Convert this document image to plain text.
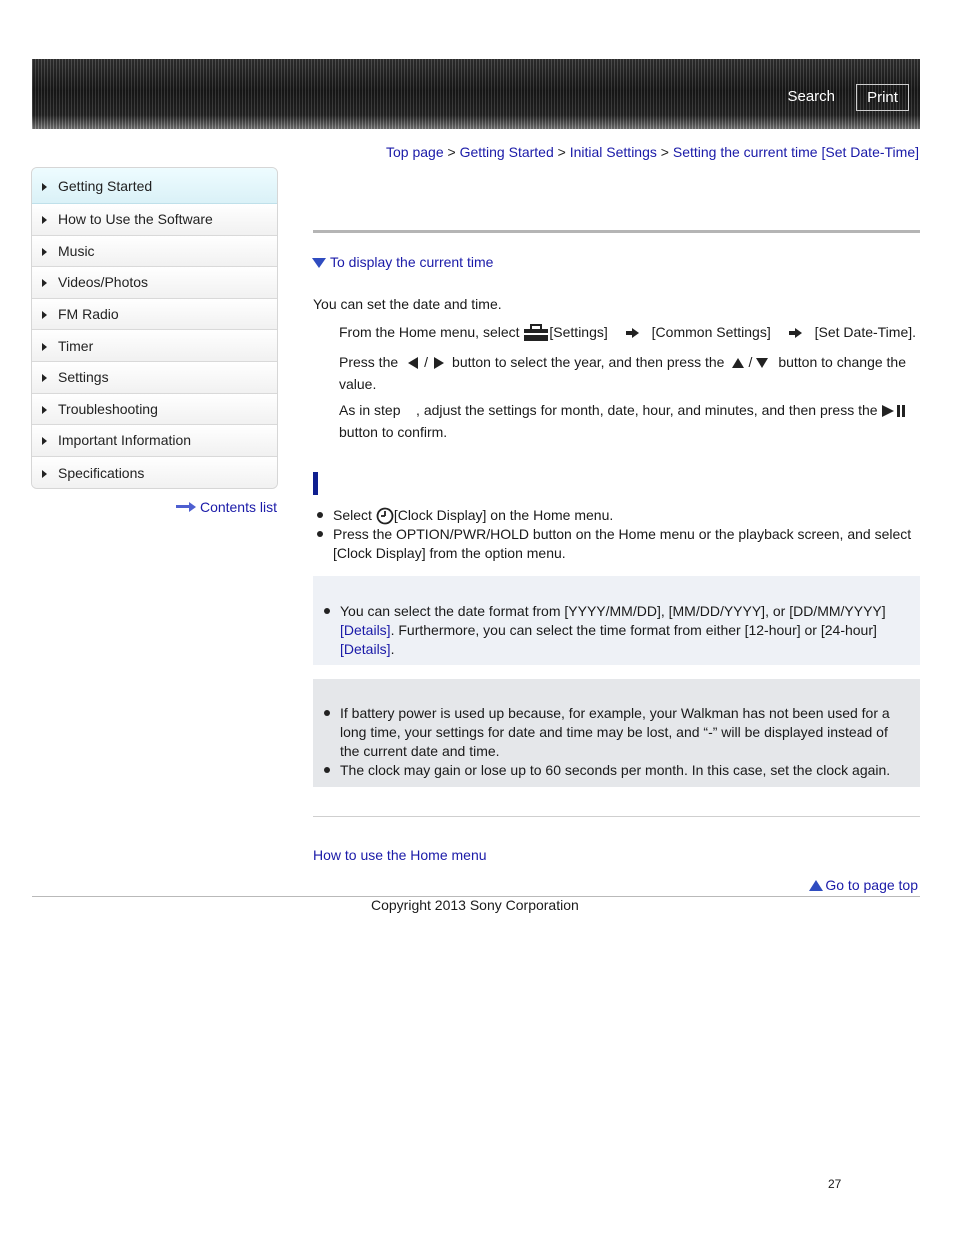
Search	Print
Top page > Getting Started > Initial Settings > Setting the current time [Set Date-Time]
Getting Started
How to Use the Software
Music
Videos/Photos
FM Radio
Timer
Settings
Troubleshooting
Important Information
Specifications
Contents list
To display the current time
You can set the date and time.
From the Home menu, select [Settings]	[Common Settings]	[Set Date-Time].
Press the / button to select the year, and then press the / button to change the value.
As in step , adjust the settings for month, date, hour, and minutes, and then press the
button to confirm.
Select [Clock Display] on the Home menu.
Press the OPTION/PWR/HOLD button on the Home menu or the playback screen, and select [Clock Display] from the option menu.
You can select the date format from [YYYY/MM/DD], [MM/DD/YYYY], or [DD/MM/YYYY] [Details]. Furthermore, you can select the time format from either [12-hour] or [24-hour] [Details].
If battery power is used up because, for example, your Walkman has not been used for a long time, your settings for date and time may be lost, and “-” will be displayed instead of the current date and time.
The clock may gain or lose up to 60 seconds per month. In this case, set the clock again.
How to use the Home menu
Go to page top
Copyright 2013 Sony Corporation
27
